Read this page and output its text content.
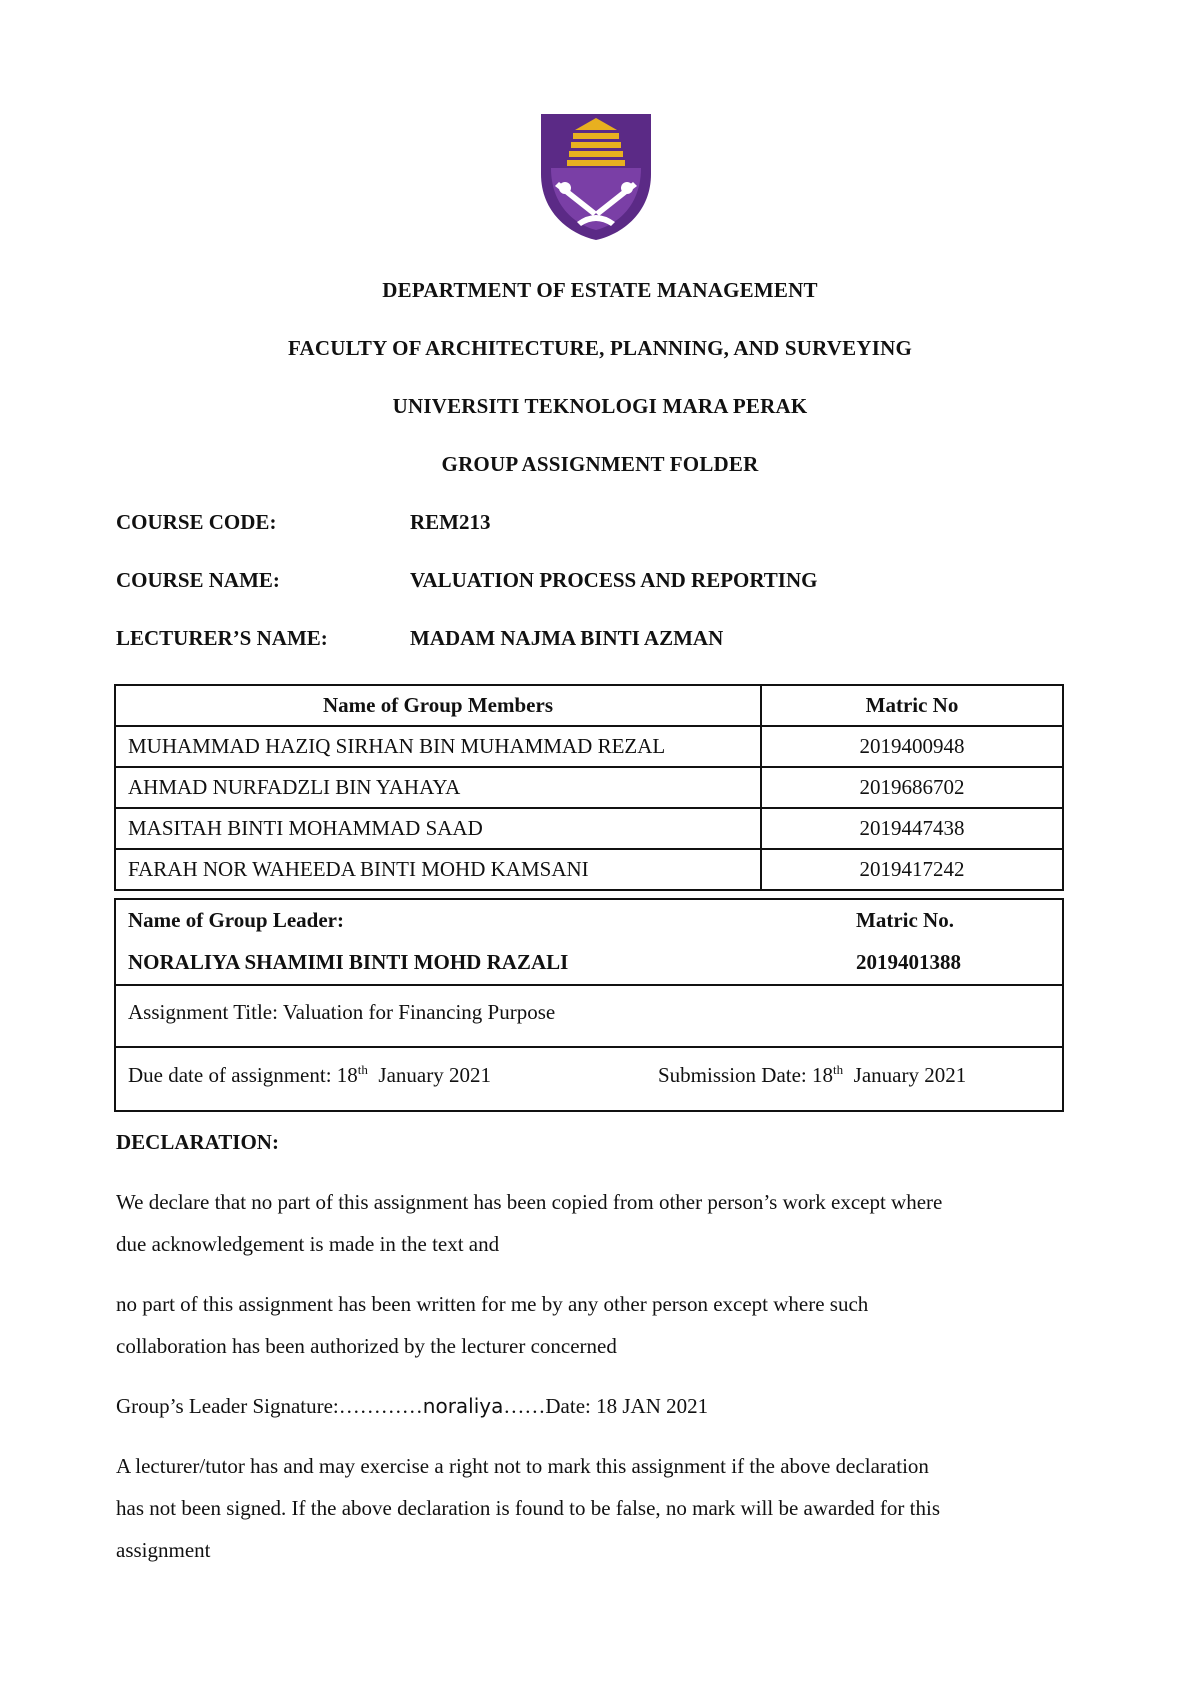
DEPARTMENT OF ESTATE MANAGEMENT
FACULTY OF ARCHITECTURE, PLANNING, AND SURVEYING
UNIVERSITI TEKNOLOGI MARA PERAK
GROUP ASSIGNMENT FOLDER
COURSE CODE:	REM213
COURSE NAME:	VALUATION PROCESS AND REPORTING
LECTURER’S NAME:	MADAM NAJMA BINTI AZMAN
Name of Group Members	Matric No
MUHAMMAD HAZIQ SIRHAN BIN MUHAMMAD REZAL	2019400948
AHMAD NURFADZLI BIN YAHAYA	2019686702
MASITAH BINTI MOHAMMAD SAAD	2019447438
FARAH NOR WAHEEDA BINTI MOHD KAMSANI	2019417242
Name of Group Leader:	Matric No.
NORALIYA SHAMIMI BINTI MOHD RAZALI	2019401388
Assignment Title: Valuation for Financing Purpose
Due date of assignment: 18th  January 2021	Submission Date: 18th  January 2021
DECLARATION:
We declare that no part of this assignment has been copied from other person’s work except where
due acknowledgement is made in the text and
no part of this assignment has been written for me by any other person except where such
collaboration has been authorized by the lecturer concerned
Group’s Leader Signature:…………noraliya……Date: 18 JAN 2021
A lecturer/tutor has and may exercise a right not to mark this assignment if the above declaration
has not been signed. If the above declaration is found to be false, no mark will be awarded for this
assignment
